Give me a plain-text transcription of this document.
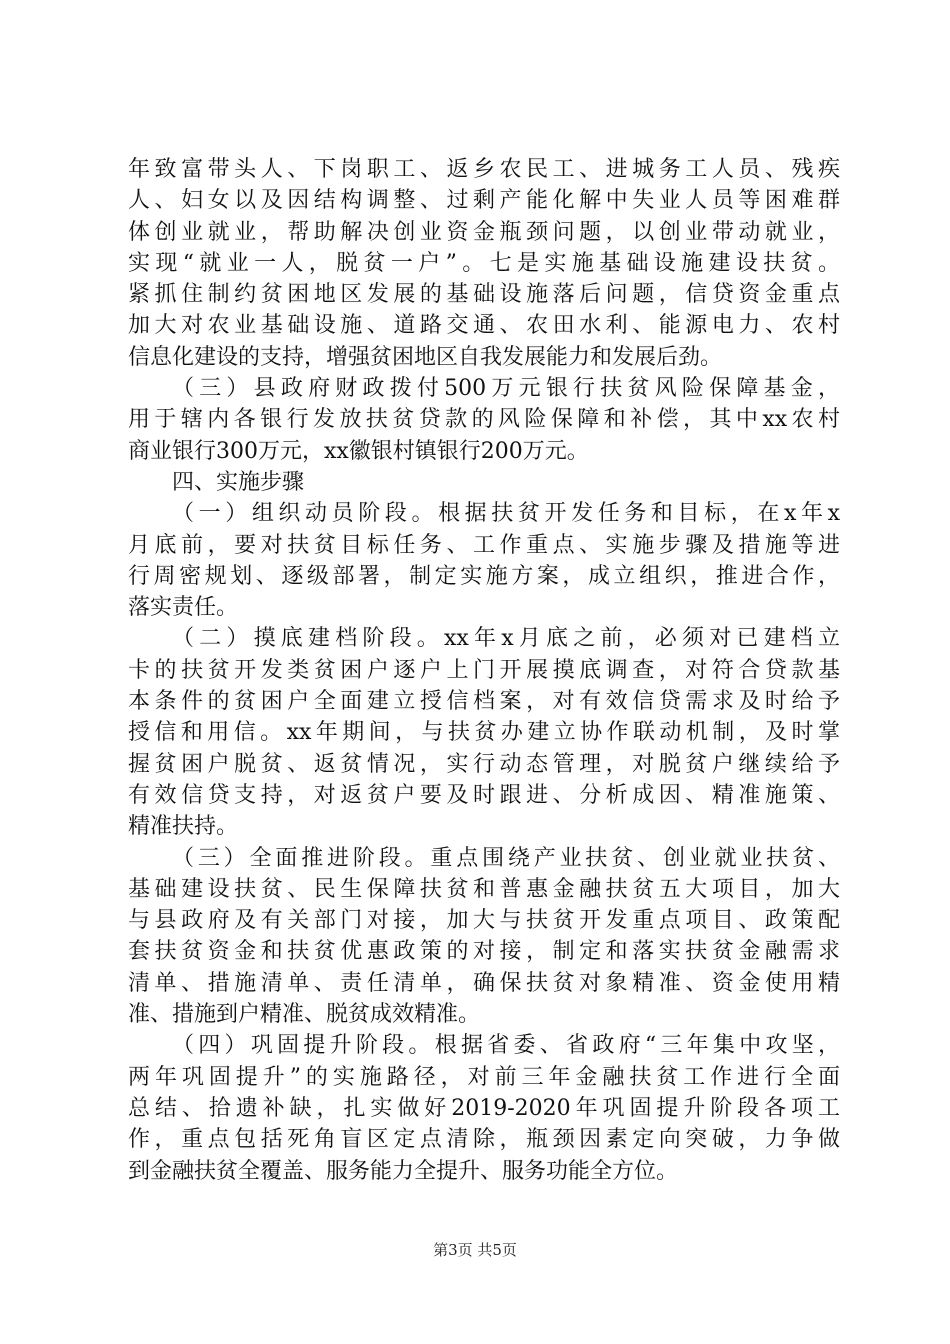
年致富带头人、下岗职工、返乡农民工、进城务工人员、残疾
人、妇女以及因结构调整、过剩产能化解中失业人员等困难群
体创业就业，帮助解决创业资金瓶颈问题，以创业带动就业，
实现“就业一人，脱贫一户”。七是实施基础设施建设扶贫。
紧抓住制约贫困地区发展的基础设施落后问题，信贷资金重点
加大对农业基础设施、道路交通、农田水利、能源电力、农村
信息化建设的支持，增强贫困地区自我发展能力和发展后劲。
（三）县政府财政拨付500万元银行扶贫风险保障基金，
用于辖内各银行发放扶贫贷款的风险保障和补偿，其中xx农村
商业银行300万元，xx徽银村镇银行200万元。
四、实施步骤
（一）组织动员阶段。根据扶贫开发任务和目标，在x年x
月底前，要对扶贫目标任务、工作重点、实施步骤及措施等进
行周密规划、逐级部署，制定实施方案，成立组织，推进合作，
落实责任。
（二）摸底建档阶段。xx年x月底之前，必须对已建档立
卡的扶贫开发类贫困户逐户上门开展摸底调查，对符合贷款基
本条件的贫困户全面建立授信档案，对有效信贷需求及时给予
授信和用信。xx年期间，与扶贫办建立协作联动机制，及时掌
握贫困户脱贫、返贫情况，实行动态管理，对脱贫户继续给予
有效信贷支持，对返贫户要及时跟进、分析成因、精准施策、
精准扶持。
（三）全面推进阶段。重点围绕产业扶贫、创业就业扶贫、
基础建设扶贫、民生保障扶贫和普惠金融扶贫五大项目，加大
与县政府及有关部门对接，加大与扶贫开发重点项目、政策配
套扶贫资金和扶贫优惠政策的对接，制定和落实扶贫金融需求
清单、措施清单、责任清单，确保扶贫对象精准、资金使用精
准、措施到户精准、脱贫成效精准。
（四）巩固提升阶段。根据省委、省政府“三年集中攻坚，
两年巩固提升”的实施路径，对前三年金融扶贫工作进行全面
总结、拾遗补缺，扎实做好2019-2020年巩固提升阶段各项工
作，重点包括死角盲区定点清除，瓶颈因素定向突破，力争做
到金融扶贫全覆盖、服务能力全提升、服务功能全方位。
第3页 共5页
